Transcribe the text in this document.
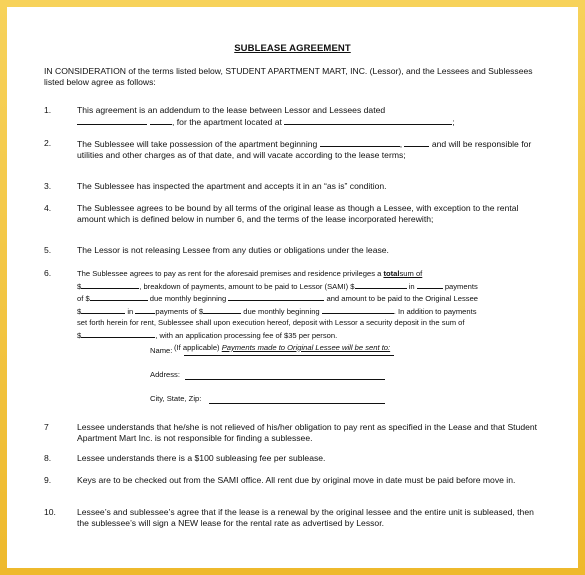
SUBLEASE AGREEMENT
IN CONSIDERATION of the terms listed below, STUDENT APARTMENT MART, INC. (Lessor), and the Lessees and Sublessees listed below agree as follows:
1.	This agreement is an addendum to the lease between Lessor and Lessees dated
, for the apartment located at	;
2.	The Sublessee will take possession of the apartment beginning	,	and will be responsible for utilities and other charges as of that date, and will vacate according to the lease terms;
3.	The Sublessee has inspected the apartment and accepts it in an “as is” condition.
4.	The Sublessee agrees to be bound by all terms of the original lease as though a Lessee, with exception to the rental amount which is defined below in number 6, and the terms of the lease incorporated herewith;
5.	The Lessor is not releasing Lessee from any duties or obligations under the lease.
6.	The Sublessee agrees to pay as rent for the aforesaid premises and residence privileges a totalsum of
$	, breakdown of payments, amount to be paid to Lessor (SAMI) $	in	payments
of $	due monthly beginning	and amount to be paid to the Original Lessee
$	in	payments of $	due monthly beginning	. In addition to payments
set forth herein for rent, Sublessee shall upon execution hereof, deposit with Lessor a security deposit in the sum of
$	, with an application processing fee of $35 per person.
(If applicable) Payments made to Original Lessee will be sent to:
Name:
Address:
City, State, Zip:
7	Lessee understands that he/she is not relieved of his/her obligation to pay rent as specified in the Lease and that Student Apartment Mart Inc. is not responsible for finding a sublessee.
8.	Lessee understands there is a $100 subleasing fee per sublease.
9.	Keys are to be checked out from the SAMI office. All rent due by original move in date must be paid before move in.
10. Lessee’s and sublessee’s agree that if the lease is a renewal by the original lessee and the entire unit is subleased, then the sublessee’s will sign a NEW lease for the rental rate as advertised by Lessor.
